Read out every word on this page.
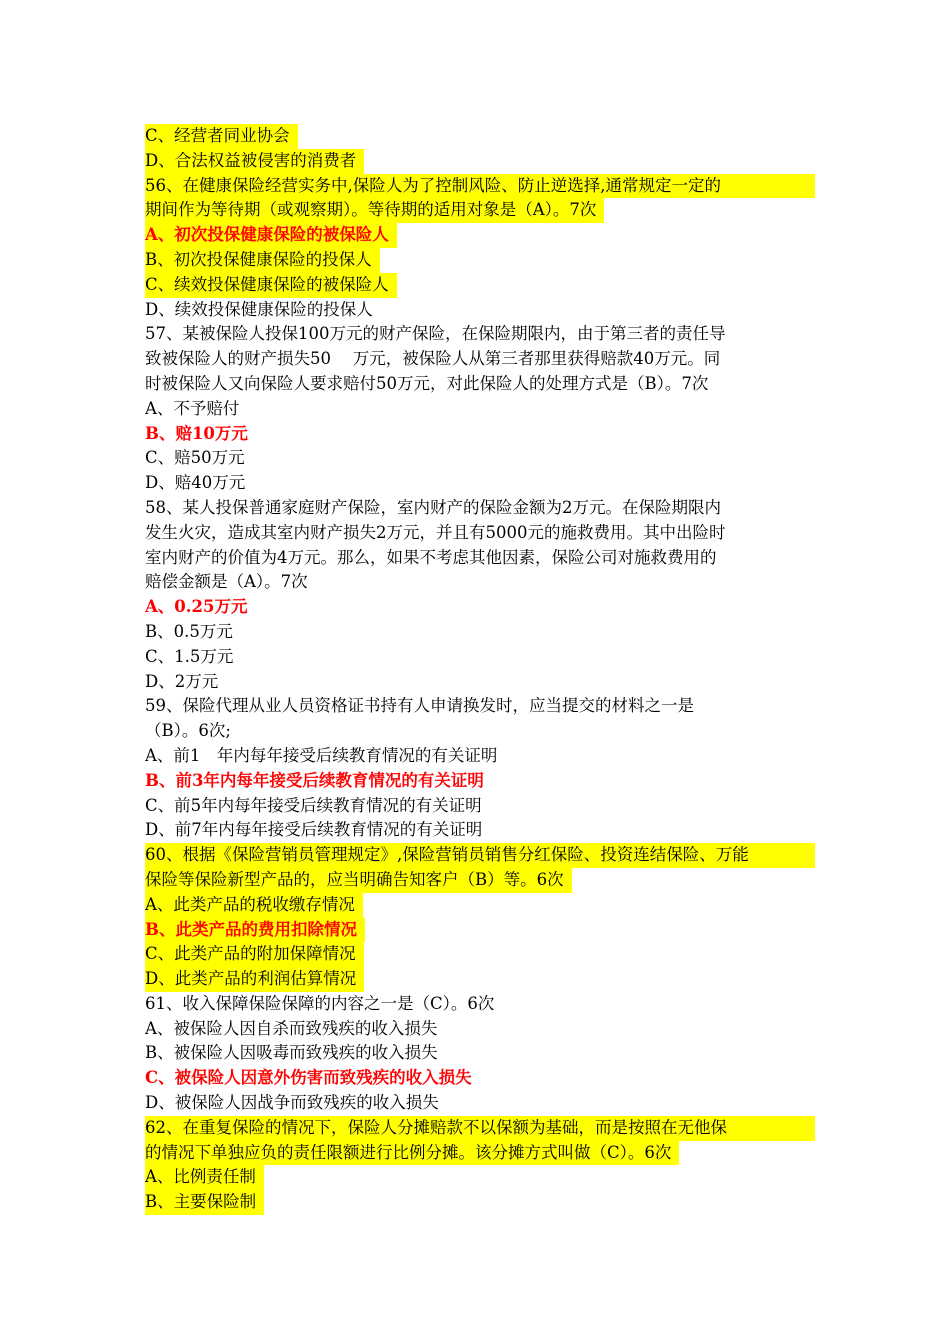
C、经营者同业协会
D、合法权益被侵害的消费者
56、在健康保险经营实务中,保险人为了控制风险、防止逆选择,通常规定一定的
期间作为等待期（或观察期）。等待期的适用对象是（A）。7次
A、初次投保健康保险的被保险人
B、初次投保健康保险的投保人
C、续效投保健康保险的被保险人
D、续效投保健康保险的投保人
57、某被保险人投保100万元的财产保险，在保险期限内，由于第三者的责任导
致被保险人的财产损失50　 万元，被保险人从第三者那里获得赔款40万元。同
时被保险人又向保险人要求赔付50万元，对此保险人的处理方式是（B）。7次
A、不予赔付
B、赔10万元
C、赔50万元
D、赔40万元
58、某人投保普通家庭财产保险，室内财产的保险金额为2万元。在保险期限内
发生火灾，造成其室内财产损失2万元，并且有5000元的施救费用。其中出险时
室内财产的价值为4万元。那么，如果不考虑其他因素，保险公司对施救费用的
赔偿金额是（A）。7次
A、0.25万元
B、0.5万元
C、1.5万元
D、2万元
59、保险代理从业人员资格证书持有人申请换发时，应当提交的材料之一是
（B）。6次;
A、前1　年内每年接受后续教育情况的有关证明
B、前3年内每年接受后续教育情况的有关证明
C、前5年内每年接受后续教育情况的有关证明
D、前7年内每年接受后续教育情况的有关证明
60、根据《保险营销员管理规定》,保险营销员销售分红保险、投资连结保险、万能
保险等保险新型产品的，应当明确告知客户（B）等。6次
A、此类产品的税收缴存情况
B、此类产品的费用扣除情况
C、此类产品的附加保障情况
D、此类产品的利润估算情况
61、收入保障保险保障的内容之一是（C）。6次
A、被保险人因自杀而致残疾的收入损失
B、被保险人因吸毒而致残疾的收入损失
C、被保险人因意外伤害而致残疾的收入损失
D、被保险人因战争而致残疾的收入损失
62、在重复保险的情况下，保险人分摊赔款不以保额为基础，而是按照在无他保
的情况下单独应负的责任限额进行比例分摊。该分摊方式叫做（C）。6次
A、比例责任制
B、主要保险制
